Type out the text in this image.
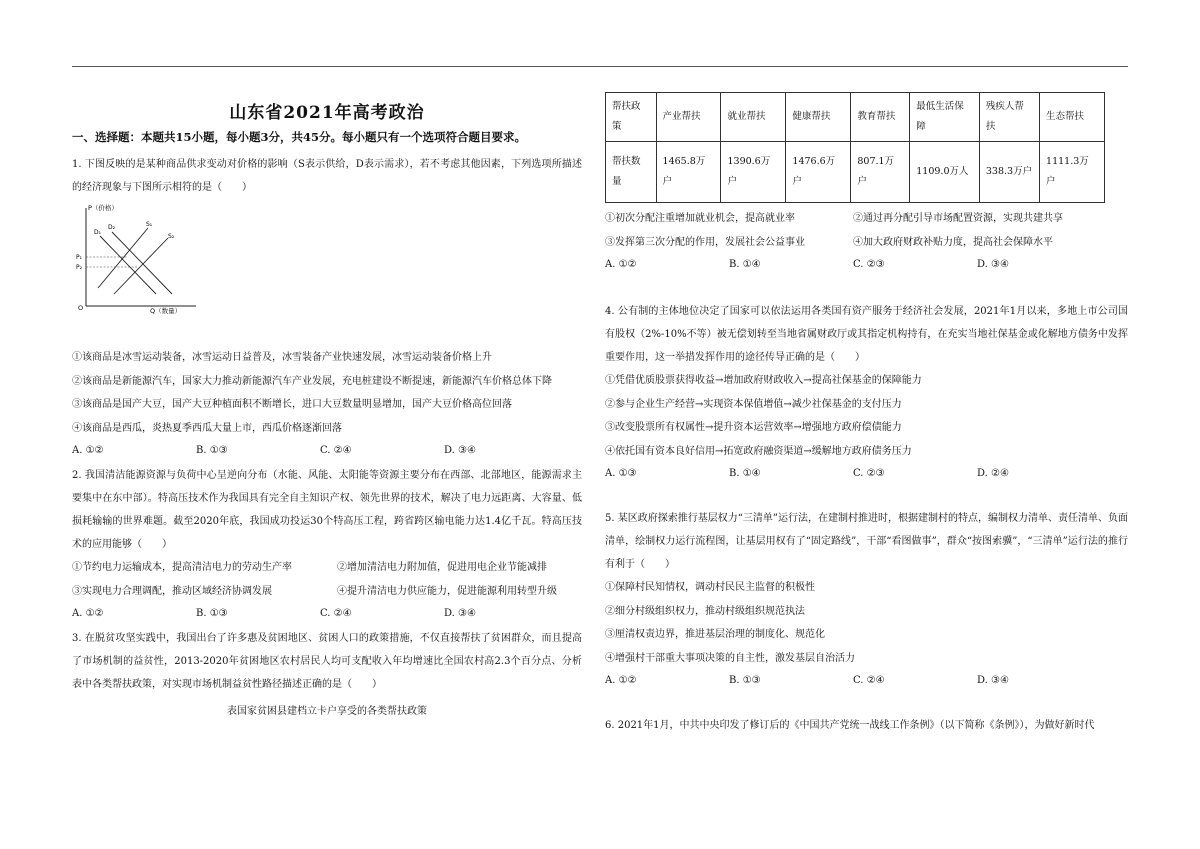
山东省2021年高考政治
一、选择题：本题共15小题，每小题3分，共45分。每小题只有一个选项符合题目要求。

1. 下图反映的是某种商品供求变动对价格的影响（S表示供给，D表示需求），若不考虑其他因素，下列选项所描述的经济现象与下图所示相符的是（　　）

P（价格）
Q（数量）
O
P₁
P₂
D₁
D₂	S₁
S₂

①该商品是冰雪运动装备，冰雪运动日益普及，冰雪装备产业快速发展，冰雪运动装备价格上升

②该商品是新能源汽车，国家大力推动新能源汽车产业发展，充电桩建设不断提速，新能源汽车价格总体下降

③该商品是国产大豆，国产大豆种植面积不断增长，进口大豆数量明显增加，国产大豆价格高位回落

④该商品是西瓜，炎热夏季西瓜大量上市，西瓜价格逐渐回落

A. ①②	B. ①③	C. ②④	D. ③④

2. 我国清洁能源资源与负荷中心呈逆向分布（水能、风能、太阳能等资源主要分布在西部、北部地区，能源需求主要集中在东中部）。特高压技术作为我国具有完全自主知识产权、领先世界的技术，解决了电力远距离、大容量、低损耗输输的世界难题。截至2020年底，我国成功投运30个特高压工程，跨省跨区输电能力达1.4亿千瓦。特高压技术的应用能够（　　）

①节约电力运输成本，提高清洁电力的劳动生产率	②增加清洁电力附加值，促进用电企业节能减排
③实现电力合理调配，推动区域经济协调发展	④提升清洁电力供应能力，促进能源利用转型升级
A. ①②	B. ①③	C. ②④	D. ③④

3. 在脱贫攻坚实践中，我国出台了许多惠及贫困地区、贫困人口的政策措施，不仅直接帮扶了贫困群众，而且提高了市场机制的益贫性，2013-2020年贫困地区农村居民人均可支配收入年均增速比全国农村高2.3个百分点、分析表中各类帮扶政策，对实现市场机制益贫性路径描述正确的是（　　）

表国家贫困县建档立卡户享受的各类帮扶政策
帮扶政策	产业帮扶	就业帮扶	健康帮扶	教育帮扶	最低生活保障	残疾人帮扶	生态帮扶
帮扶数量	1465.8万户	1390.6万户	1476.6万户	807.1万户	1109.0万人	338.3万户	1111.3万户
①初次分配注重增加就业机会，提高就业率	②通过再分配引导市场配置资源，实现共建共享
③发挥第三次分配的作用，发展社会公益事业	④加大政府财政补贴力度，提高社会保障水平
A. ①②	B. ①④	C. ②③	D. ③④

4. 公有制的主体地位决定了国家可以依法运用各类国有资产服务于经济社会发展，2021年1月以来，多地上市公司国有股权（2%-10%不等）被无偿划转至当地省属财政厅或其指定机构持有，在充实当地社保基金或化解地方债务中发挥重要作用，这一举措发挥作用的途径传导正确的是（　　）

①凭借优质股票获得收益→增加政府财政收入→提高社保基金的保障能力

②参与企业生产经营→实现资本保值增值→减少社保基金的支付压力

③改变股票所有权属性→提升资本运营效率→增强地方政府偿债能力

④依托国有资本良好信用→拓宽政府融资渠道→缓解地方政府债务压力

A. ①③	B. ①④	C. ②③	D. ②④

5. 某区政府探索推行基层权力“三清单”运行法，在建制村推进时，根据建制村的特点，编制权力清单、责任清单、负面清单，绘制权力运行流程图，让基层用权有了“固定路线”，干部“看图做事”，群众“按图索骥”，“三清单”运行法的推行有利于（　　）

①保障村民知情权，调动村民民主监督的积极性

②细分村级组织权力，推动村级组织规范执法

③厘清权责边界，推进基层治理的制度化、规范化

④增强村干部重大事项决策的自主性，激发基层自治活力

A. ①②	B. ①③	C. ②④	D. ③④

6. 2021年1月，中共中央印发了修订后的《中国共产党统一战线工作条例》（以下简称《条例》），为做好新时代
